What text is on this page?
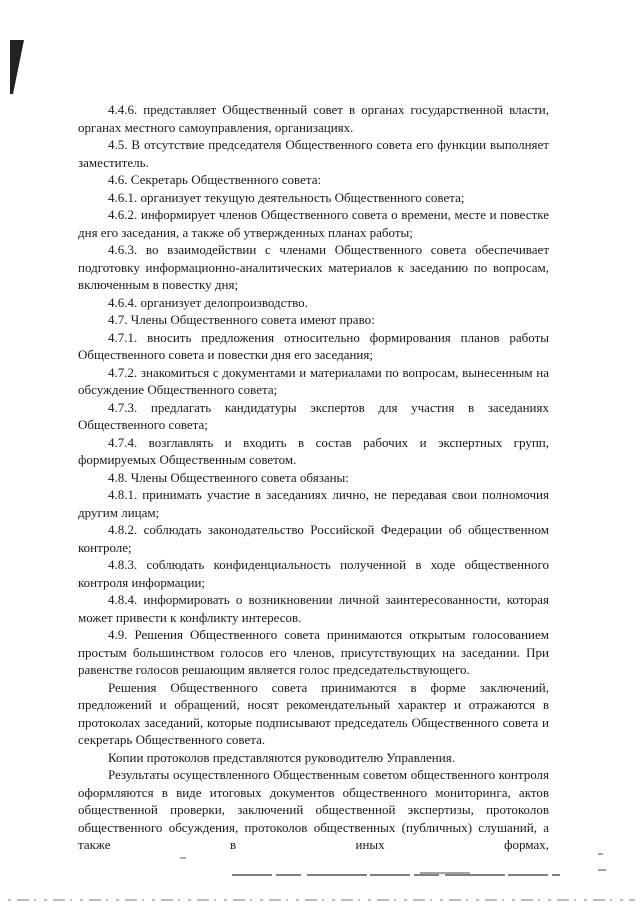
4.4.6. представляет Общественный совет в органах государственной власти, органах местного самоуправления, организациях.

4.5. В отсутствие председателя Общественного совета его функции выполняет заместитель.

4.6. Секретарь Общественного совета:

4.6.1. организует текущую деятельность Общественного совета;

4.6.2. информирует членов Общественного совета о времени, месте и повестке дня его заседания, а также об утвержденных планах работы;

4.6.3. во взаимодействии с членами Общественного совета обеспечивает подготовку информационно-аналитических материалов к заседанию по вопросам, включенным в повестку дня;

4.6.4. организует делопроизводство.

4.7. Члены Общественного совета имеют право:

4.7.1. вносить предложения относительно формирования планов работы Общественного совета и повестки дня его заседания;

4.7.2. знакомиться с документами и материалами по вопросам, вынесенным на обсуждение Общественного совета;

4.7.3. предлагать кандидатуры экспертов для участия в заседаниях Общественного совета;

4.7.4. возглавлять и входить в состав рабочих и экспертных групп, формируемых Общественным советом.

4.8. Члены Общественного совета обязаны:

4.8.1. принимать участие в заседаниях лично, не передавая свои полномочия другим лицам;

4.8.2. соблюдать законодательство Российской Федерации об общественном контроле;

4.8.3. соблюдать конфиденциальность полученной в ходе общественного контроля информации;

4.8.4. информировать о возникновении личной заинтересованности, которая может привести к конфликту интересов.

4.9. Решения Общественного совета принимаются открытым голосованием простым большинством голосов его членов, присутствующих на заседании. При равенстве голосов решающим является голос председательствующего.

Решения Общественного совета принимаются в форме заключений, предложений и обращений, носят рекомендательный характер и отражаются в протоколах заседаний, которые подписывают председатель Общественного совета и секретарь Общественного совета.

Копии протоколов представляются руководителю Управления.

Результаты осуществленного Общественным советом общественного контроля оформляются в виде итоговых документов общественного мониторинга, актов общественной проверки, заключений общественной экспертизы, протоколов общественного обсуждения, протоколов общественных (публичных) слушаний, а также в иных формах,
